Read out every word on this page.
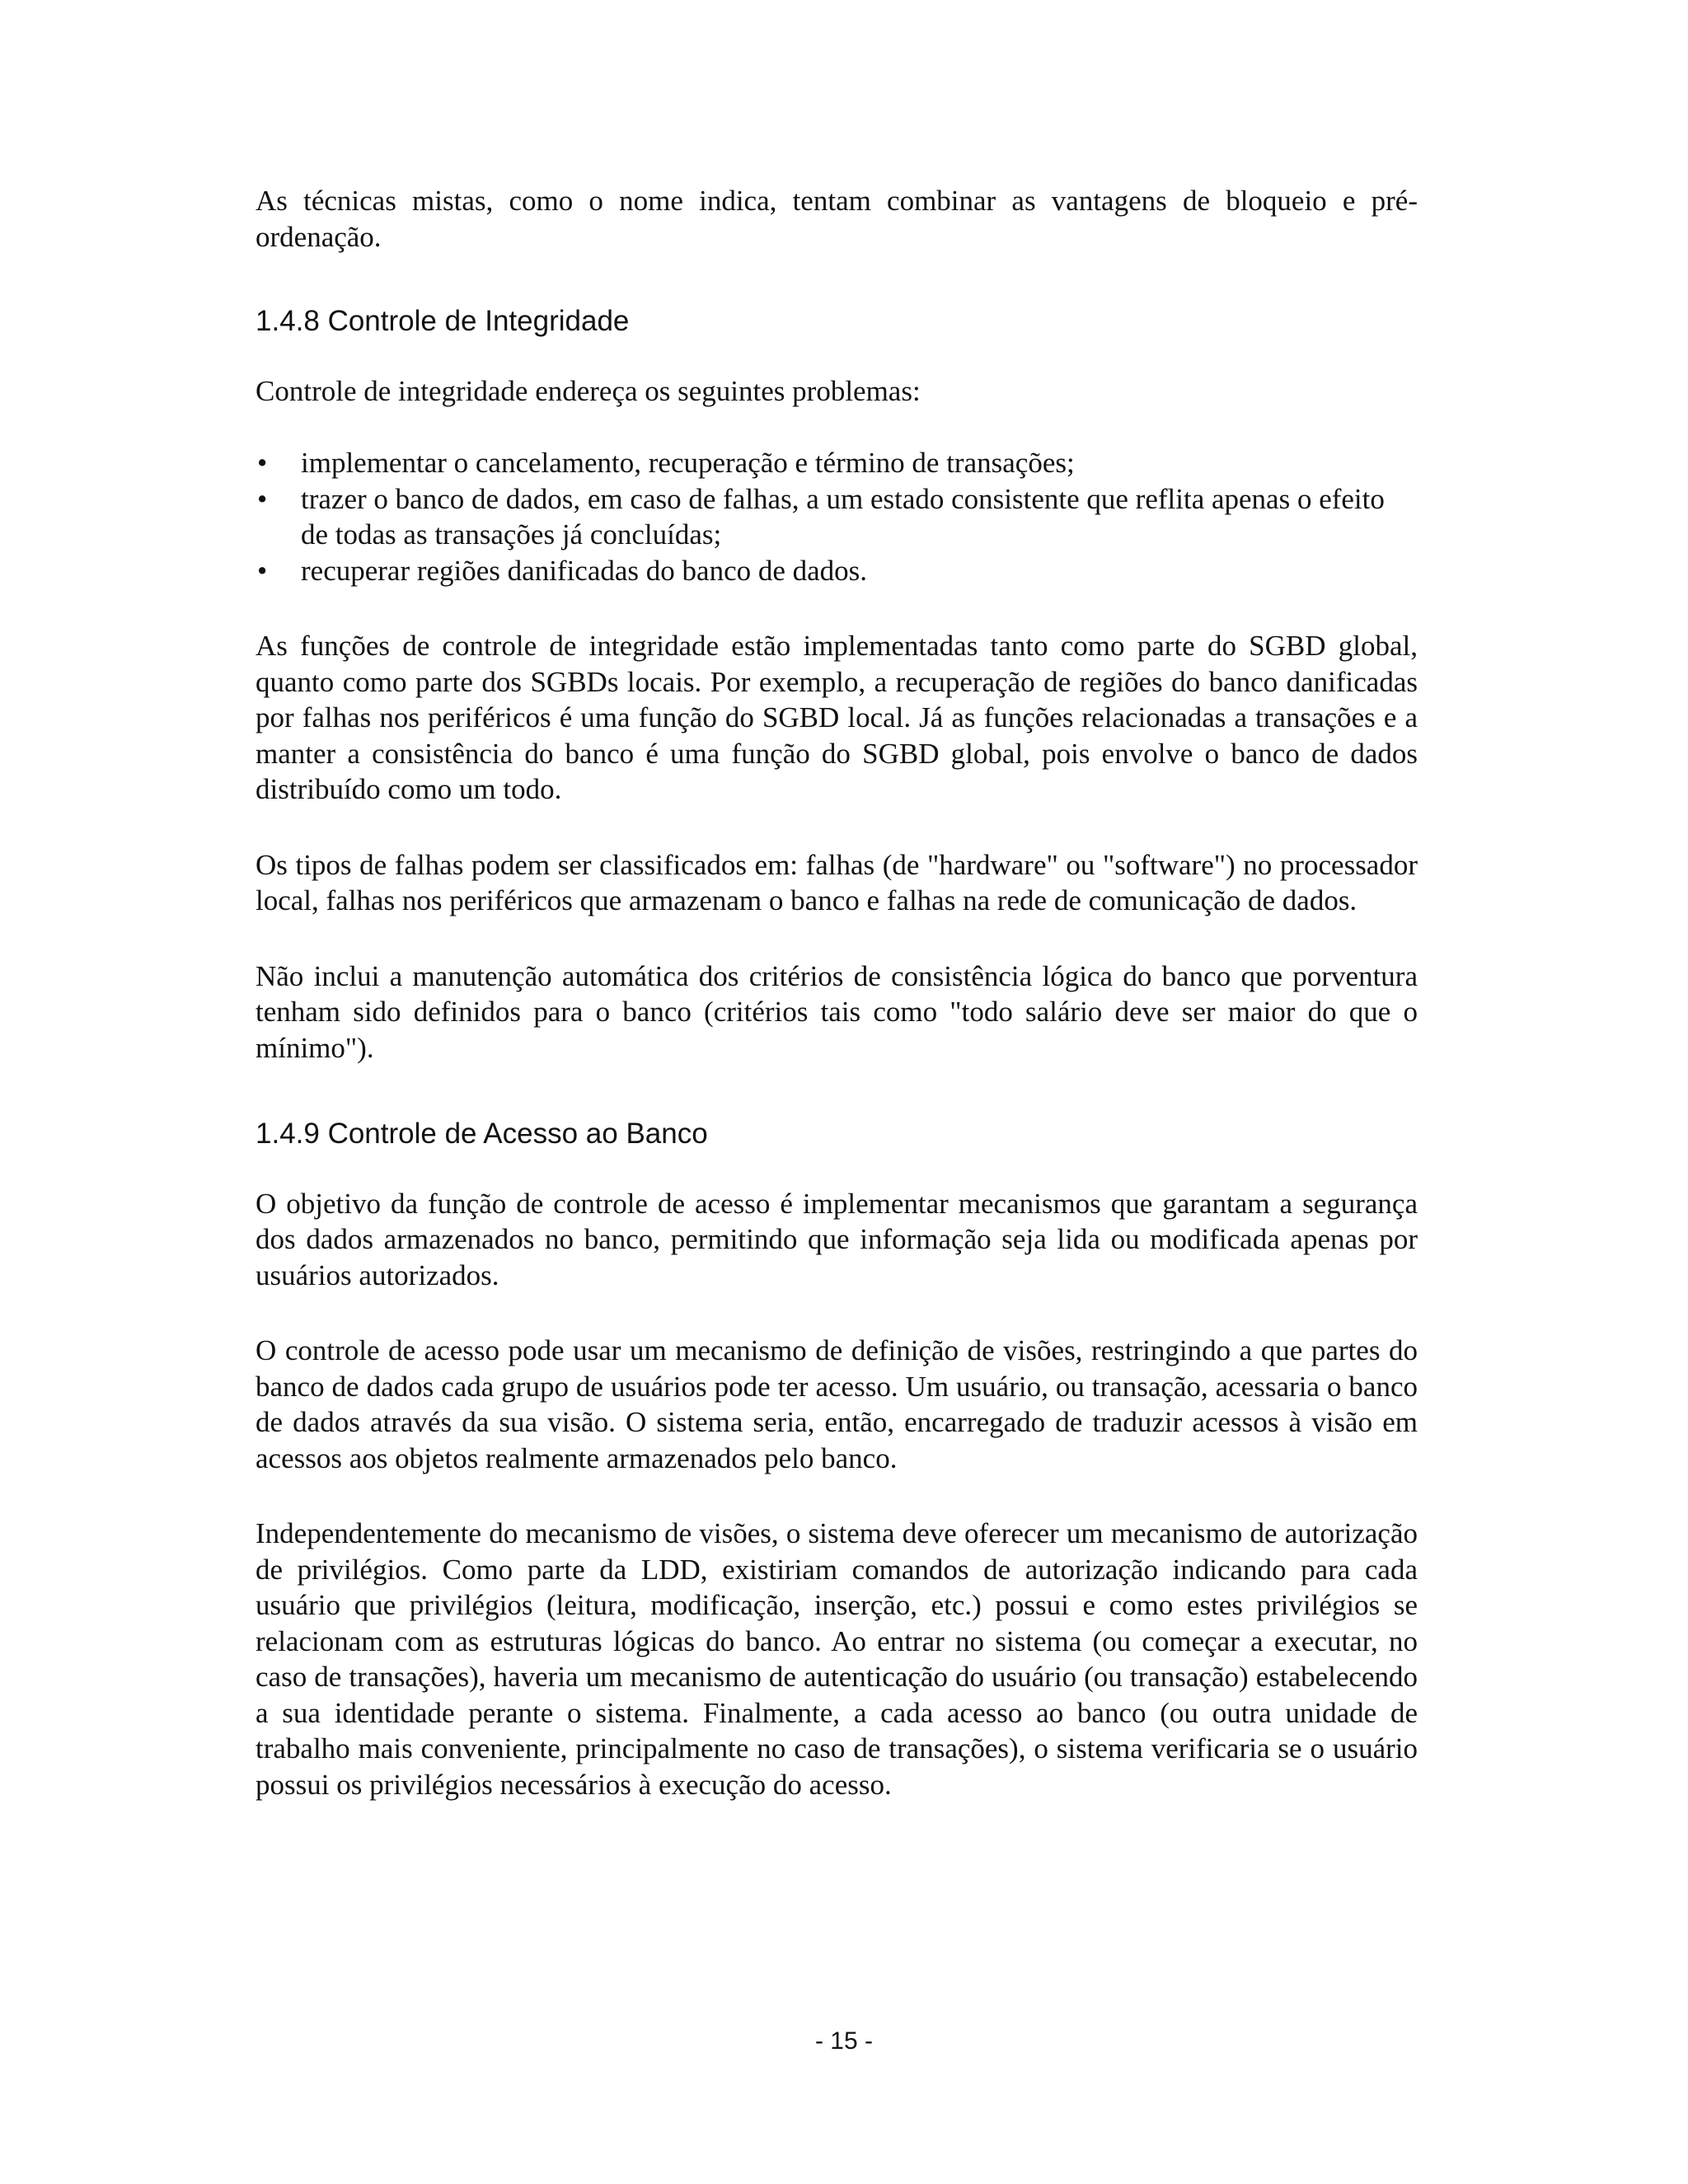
As técnicas mistas, como o nome indica, tentam combinar as vantagens de bloqueio e pré-ordenação.

1.4.8 Controle de Integridade

Controle de integridade endereça os seguintes problemas:

• implementar o cancelamento, recuperação e término de transações;
• trazer o banco de dados, em caso de falhas, a um estado consistente que reflita apenas o efeito de todas as transações já concluídas;
• recuperar regiões danificadas do banco de dados.

As funções de controle de integridade estão implementadas tanto como parte do SGBD global, quanto como parte dos SGBDs locais. Por exemplo, a recuperação de regiões do banco danificadas por falhas nos periféricos é uma função do SGBD local. Já as funções relacionadas a transações e a manter a consistência do banco é uma função do SGBD global, pois envolve o banco de dados distribuído como um todo.

Os tipos de falhas podem ser classificados em: falhas (de "hardware" ou "software") no processador local, falhas nos periféricos que armazenam o banco e falhas na rede de comunicação de dados.

Não inclui a manutenção automática dos critérios de consistência lógica do banco que porventura tenham sido definidos para o banco (critérios tais como "todo salário deve ser maior do que o mínimo").

1.4.9 Controle de Acesso ao Banco

O objetivo da função de controle de acesso é implementar mecanismos que garantam a segurança dos dados armazenados no banco, permitindo que informação seja lida ou modificada apenas por usuários autorizados.

O controle de acesso pode usar um mecanismo de definição de visões, restringindo a que partes do banco de dados cada grupo de usuários pode ter acesso. Um usuário, ou transação, acessaria o banco de dados através da sua visão. O sistema seria, então, encarregado de traduzir acessos à visão em acessos aos objetos realmente armazenados pelo banco.

Independentemente do mecanismo de visões, o sistema deve oferecer um mecanismo de autorização de privilégios. Como parte da LDD, existiriam comandos de autorização indicando para cada usuário que privilégios (leitura, modificação, inserção, etc.) possui e como estes privilégios se relacionam com as estruturas lógicas do banco. Ao entrar no sistema (ou começar a executar, no caso de transações), haveria um mecanismo de autenticação do usuário (ou transação) estabelecendo a sua identidade perante o sistema. Finalmente, a cada acesso ao banco (ou outra unidade de trabalho mais conveniente, principalmente no caso de transações), o sistema verificaria se o usuário possui os privilégios necessários à execução do acesso.

- 15 -
